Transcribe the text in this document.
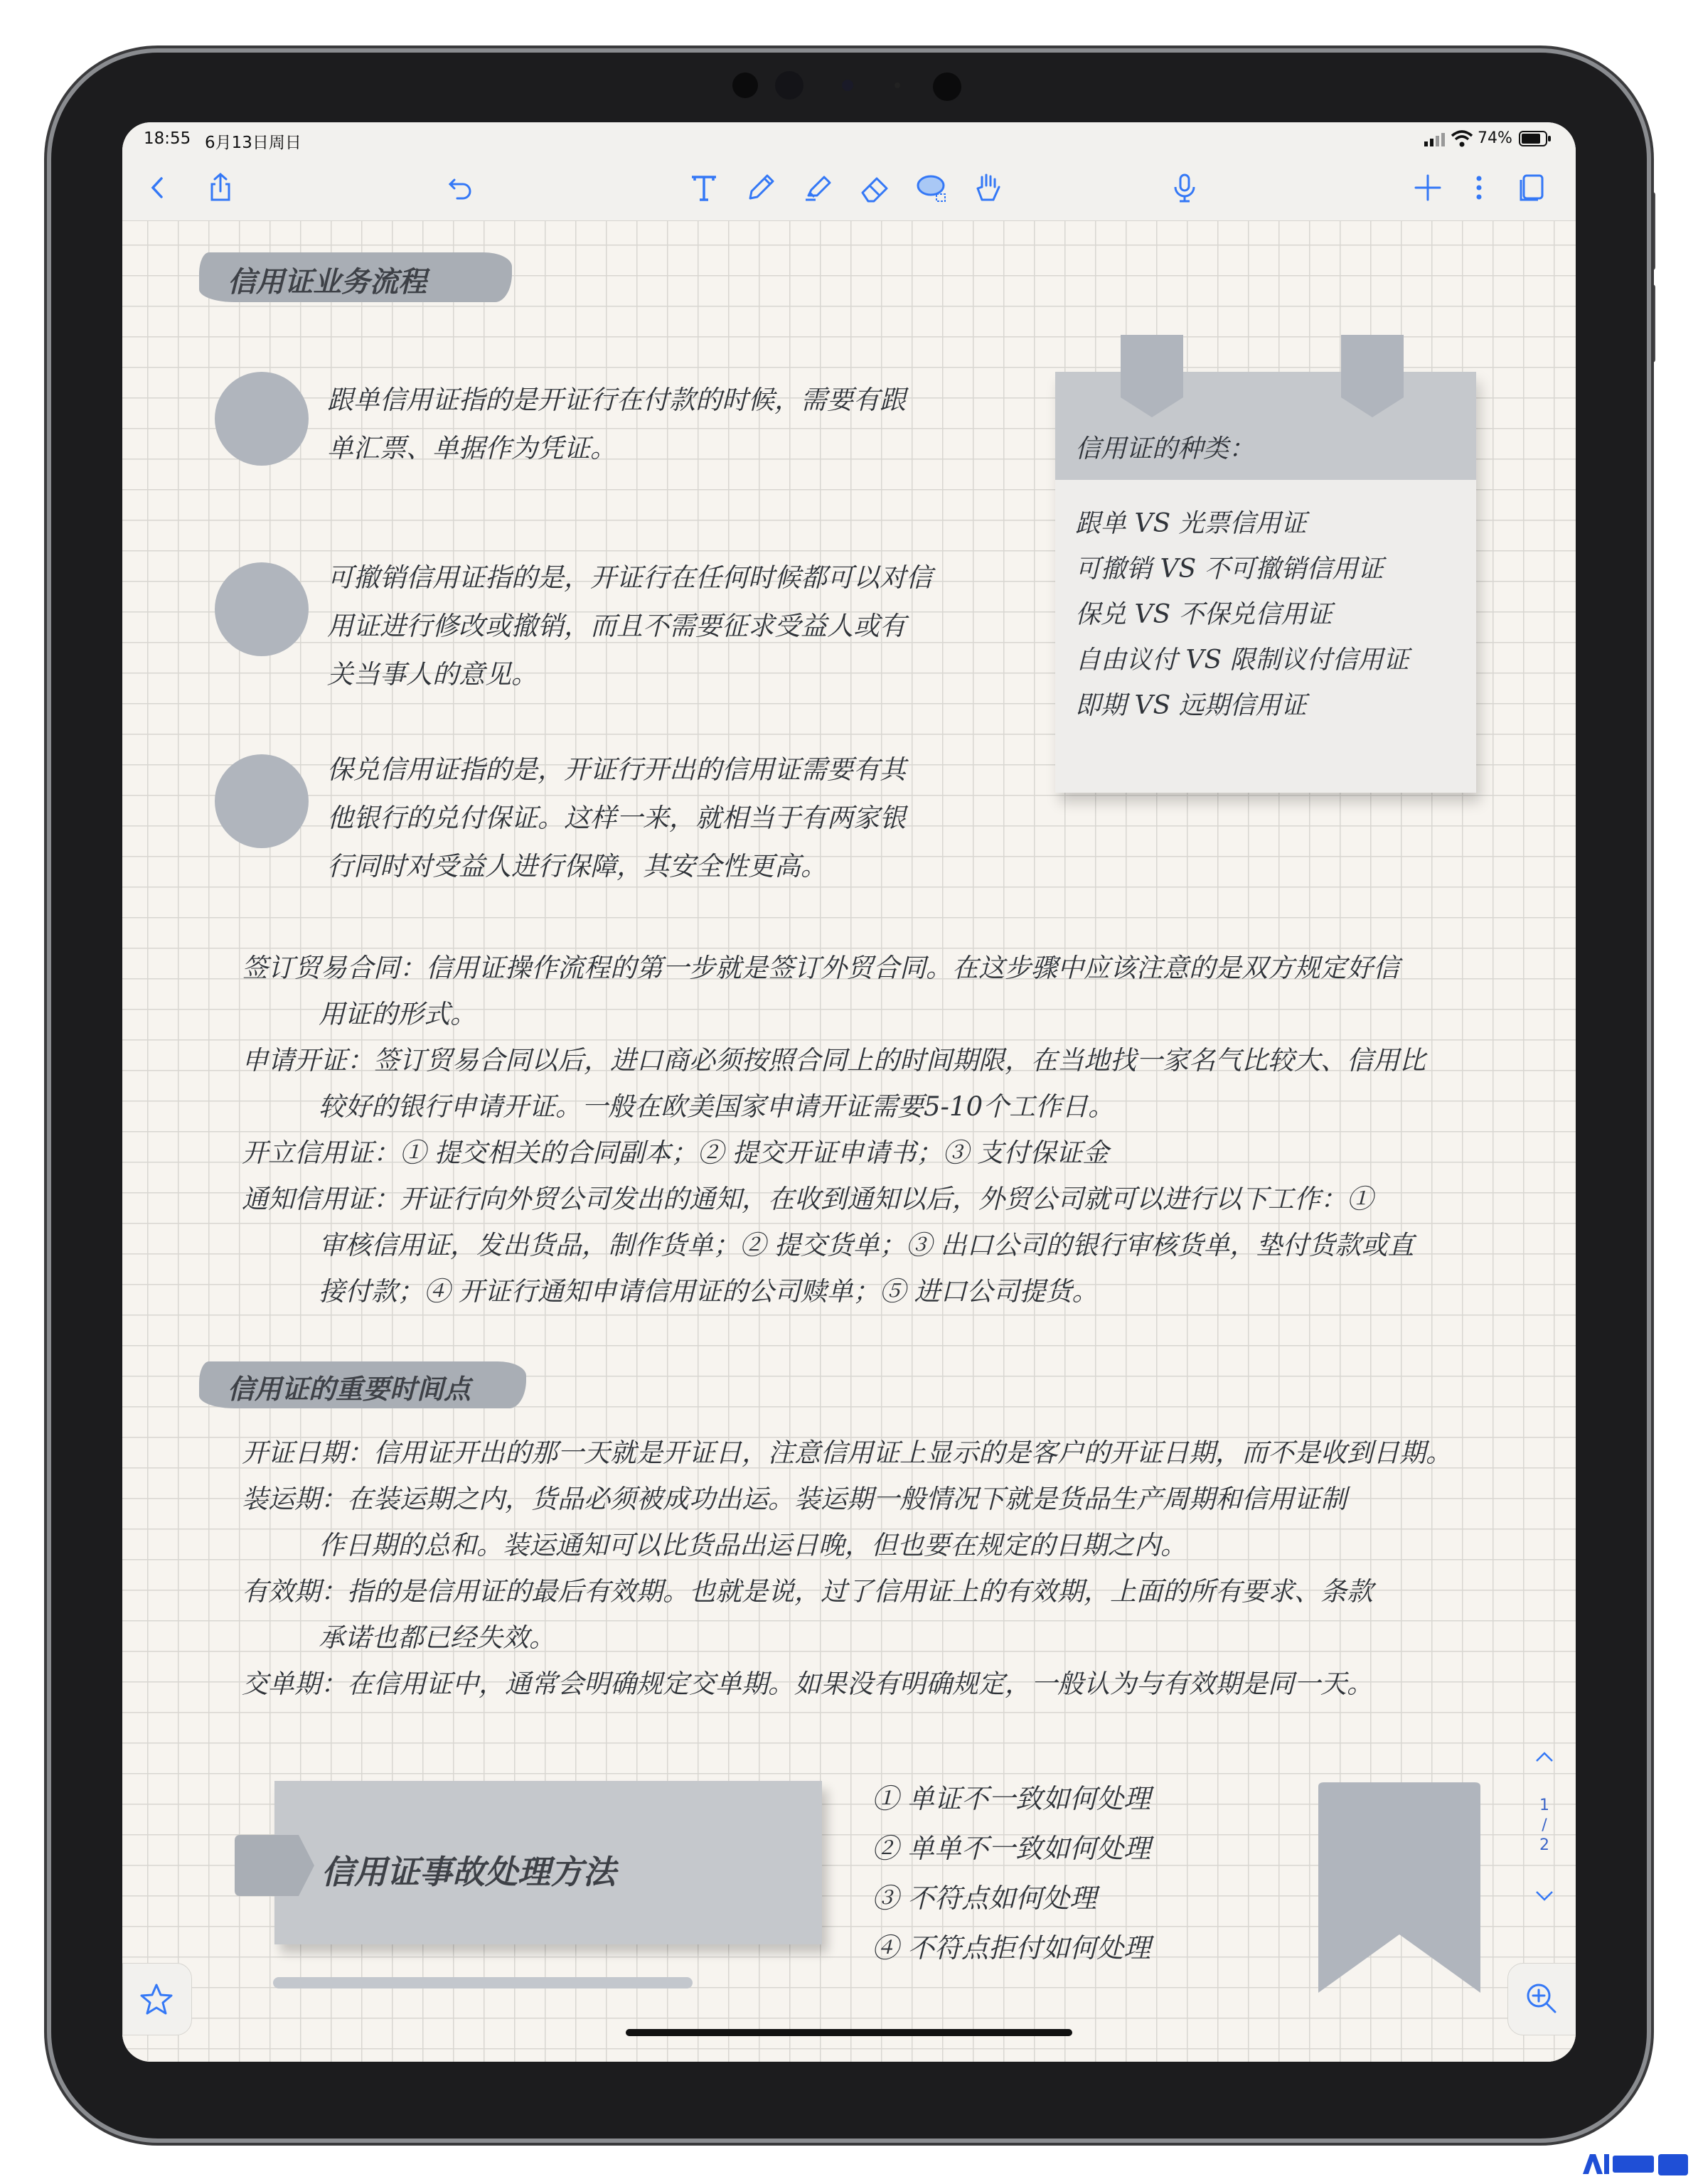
18:55 6月13日周日	74%
信用证业务流程
跟单信用证指的是开证行在付款的时候，需要有跟
单汇票、单据作为凭证。
可撤销信用证指的是，开证行在任何时候都可以对信
用证进行修改或撤销，而且不需要征求受益人或有
关当事人的意见。
保兑信用证指的是，开证行开出的信用证需要有其
他银行的兑付保证。这样一来，就相当于有两家银
行同时对受益人进行保障，其安全性更高。
信用证的种类：
跟单 VS 光票信用证
可撤销 VS 不可撤销信用证
保兑 VS 不保兑信用证
自由议付 VS 限制议付信用证
即期 VS 远期信用证
签订贸易合同：信用证操作流程的第一步就是签订外贸合同。在这步骤中应该注意的是双方规定好信
用证的形式。
申请开证：签订贸易合同以后，进口商必须按照合同上的时间期限，在当地找一家名气比较大、信用比
较好的银行申请开证。一般在欧美国家申请开证需要5-10个工作日。
开立信用证：① 提交相关的合同副本；② 提交开证申请书；③ 支付保证金
通知信用证：开证行向外贸公司发出的通知，在收到通知以后，外贸公司就可以进行以下工作：①
审核信用证，发出货品，制作货单；② 提交货单；③ 出口公司的银行审核货单，垫付货款或直
接付款；④ 开证行通知申请信用证的公司赎单；⑤ 进口公司提货。
信用证的重要时间点
开证日期：信用证开出的那一天就是开证日，注意信用证上显示的是客户的开证日期，而不是收到日期。
装运期：在装运期之内，货品必须被成功出运。装运期一般情况下就是货品生产周期和信用证制
作日期的总和。装运通知可以比货品出运日晚，但也要在规定的日期之内。
有效期：指的是信用证的最后有效期。也就是说，过了信用证上的有效期，上面的所有要求、条款
承诺也都已经失效。
交单期：在信用证中，通常会明确规定交单期。如果没有明确规定，一般认为与有效期是同一天。
信用证事故处理方法
① 单证不一致如何处理
② 单单不一致如何处理
③ 不符点如何处理
④ 不符点拒付如何处理
1
/
2
